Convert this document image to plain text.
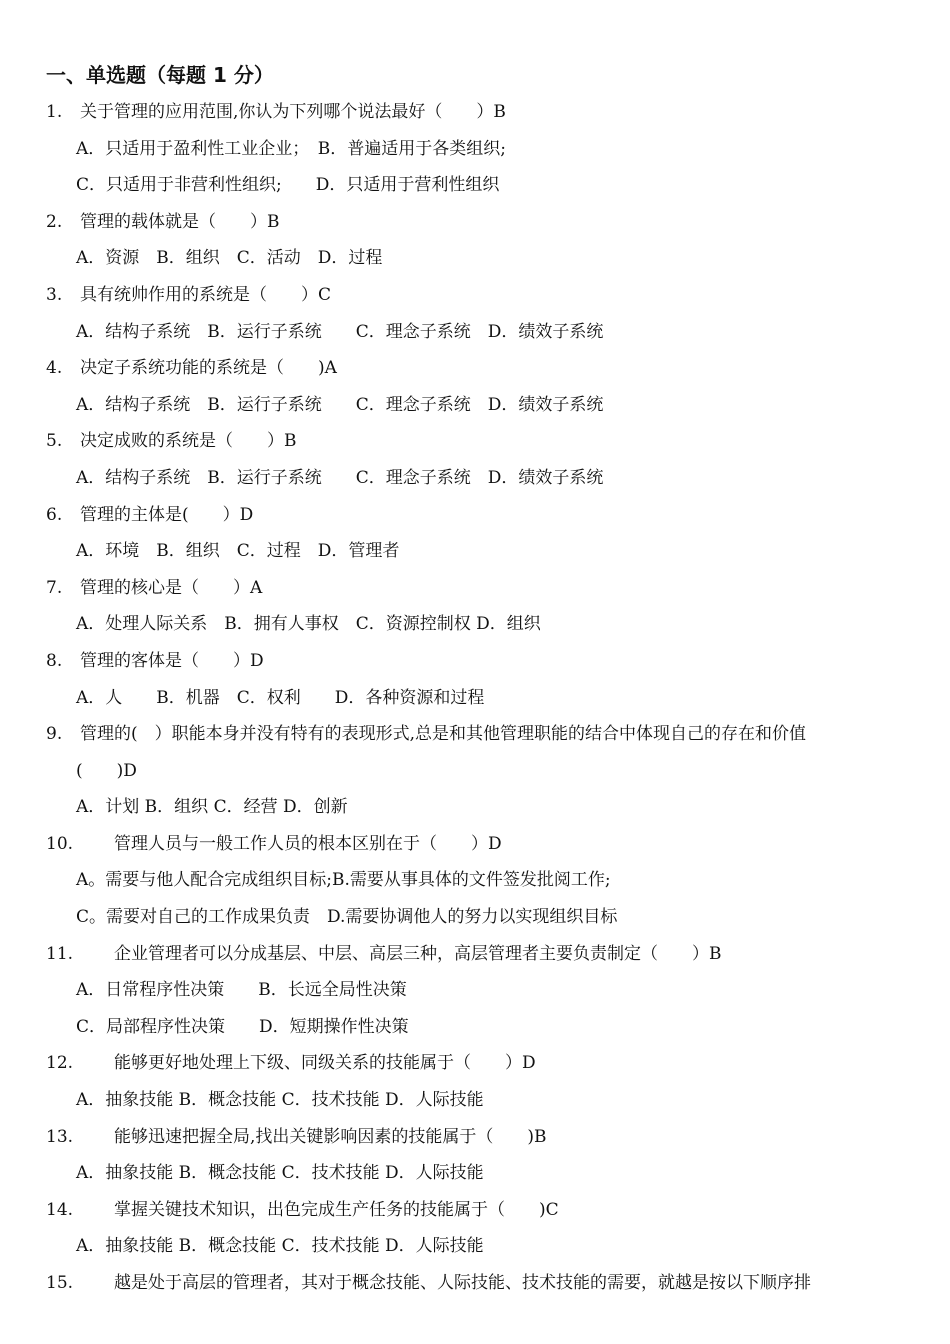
一、单选题（每题 1 分）
1. 关于管理的应用范围,你认为下列哪个说法最好（　　）B
A．只适用于盈利性工业企业；　B．普遍适用于各类组织;
C．只适用于非营利性组织;　　D．只适用于营利性组织
2. 管理的载体就是（　　）B
A．资源　B．组织　C．活动　D．过程
3. 具有统帅作用的系统是（　　）C
A．结构子系统　B．运行子系统　　C．理念子系统　D．绩效子系统
4. 决定子系统功能的系统是（　　)A
A．结构子系统　B．运行子系统　　C．理念子系统　D．绩效子系统
5. 决定成败的系统是（　　）B
A．结构子系统　B．运行子系统　　C．理念子系统　D．绩效子系统
6. 管理的主体是(　　）D
A．环境　B．组织　C．过程　D．管理者
7. 管理的核心是（　　）A
A．处理人际关系　B．拥有人事权　C．资源控制权 D．组织
8. 管理的客体是（　　）D
A．人　　B．机器　C．权利　　D．各种资源和过程
9. 管理的(　）职能本身并没有特有的表现形式,总是和其他管理职能的结合中体现自己的存在和价值
(　　)D
A．计划 B．组织 C．经营 D．创新
10. 管理人员与一般工作人员的根本区别在于（　　）D
A。需要与他人配合完成组织目标;B.需要从事具体的文件签发批阅工作;
C。需要对自己的工作成果负责　D.需要协调他人的努力以实现组织目标
11. 企业管理者可以分成基层、中层、高层三种，高层管理者主要负责制定（　　）B
A．日常程序性决策　　B．长远全局性决策
C．局部程序性决策　　D．短期操作性决策
12. 能够更好地处理上下级、同级关系的技能属于（　　）D
A．抽象技能 B．概念技能 C．技术技能 D．人际技能
13. 能够迅速把握全局,找出关键影响因素的技能属于（　　)B
A．抽象技能 B．概念技能 C．技术技能 D．人际技能
14. 掌握关键技术知识，出色完成生产任务的技能属于（　　)C
A．抽象技能 B．概念技能 C．技术技能 D．人际技能
15. 越是处于高层的管理者，其对于概念技能、人际技能、技术技能的需要，就越是按以下顺序排
